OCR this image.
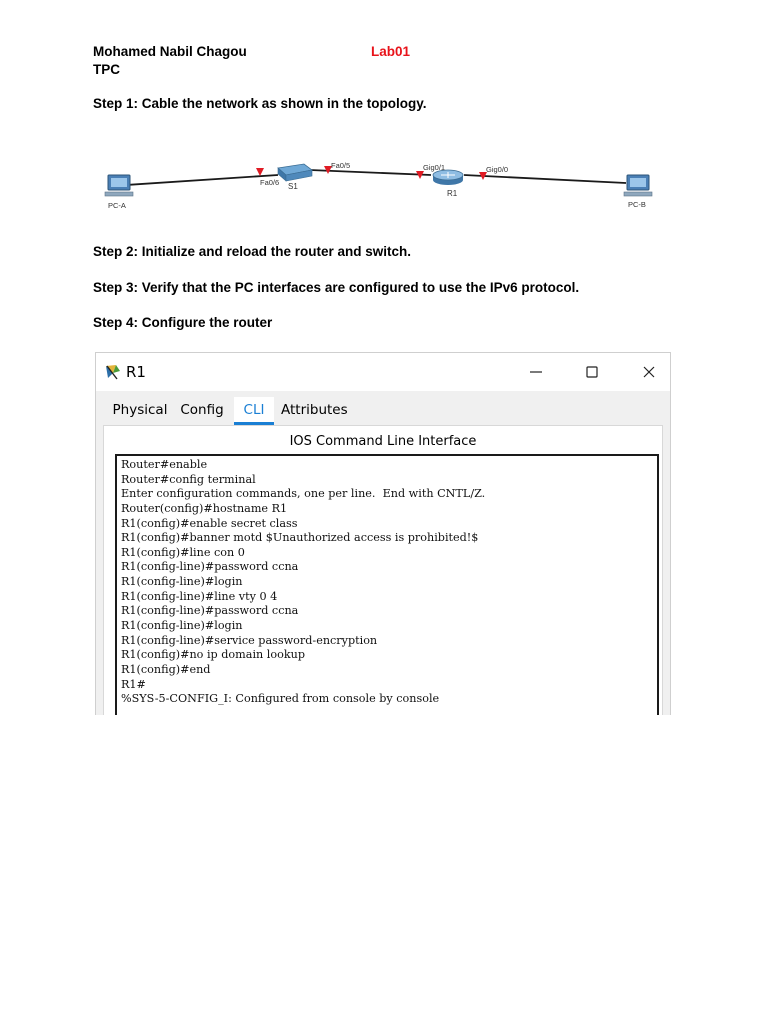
Mohamed Nabil Chagou	Lab01
TPC
Step 1: Cable the network as shown in the topology.
Step 2: Initialize and reload the router and switch.
Step 3: Verify that the PC interfaces are configured to use the IPv6 protocol.
Step 4: Configure the router
PC-A
Fa0/6 S1
Fa0/5	Gig0/1
R1
Gig0/0
PC-B
R1
Physical Config	CLI	Attributes
IOS Command Line Interface
Router#enable
Router#config terminal
Enter configuration commands, one per line.  End with CNTL/Z.
Router(config)#hostname R1
R1(config)#enable secret class
R1(config)#banner motd $Unauthorized access is prohibited!$
R1(config)#line con 0
R1(config-line)#password ccna
R1(config-line)#login
R1(config-line)#line vty 0 4
R1(config-line)#password ccna
R1(config-line)#login
R1(config-line)#service password-encryption
R1(config)#no ip domain lookup
R1(config)#end
R1#
%SYS-5-CONFIG_I: Configured from console by console
